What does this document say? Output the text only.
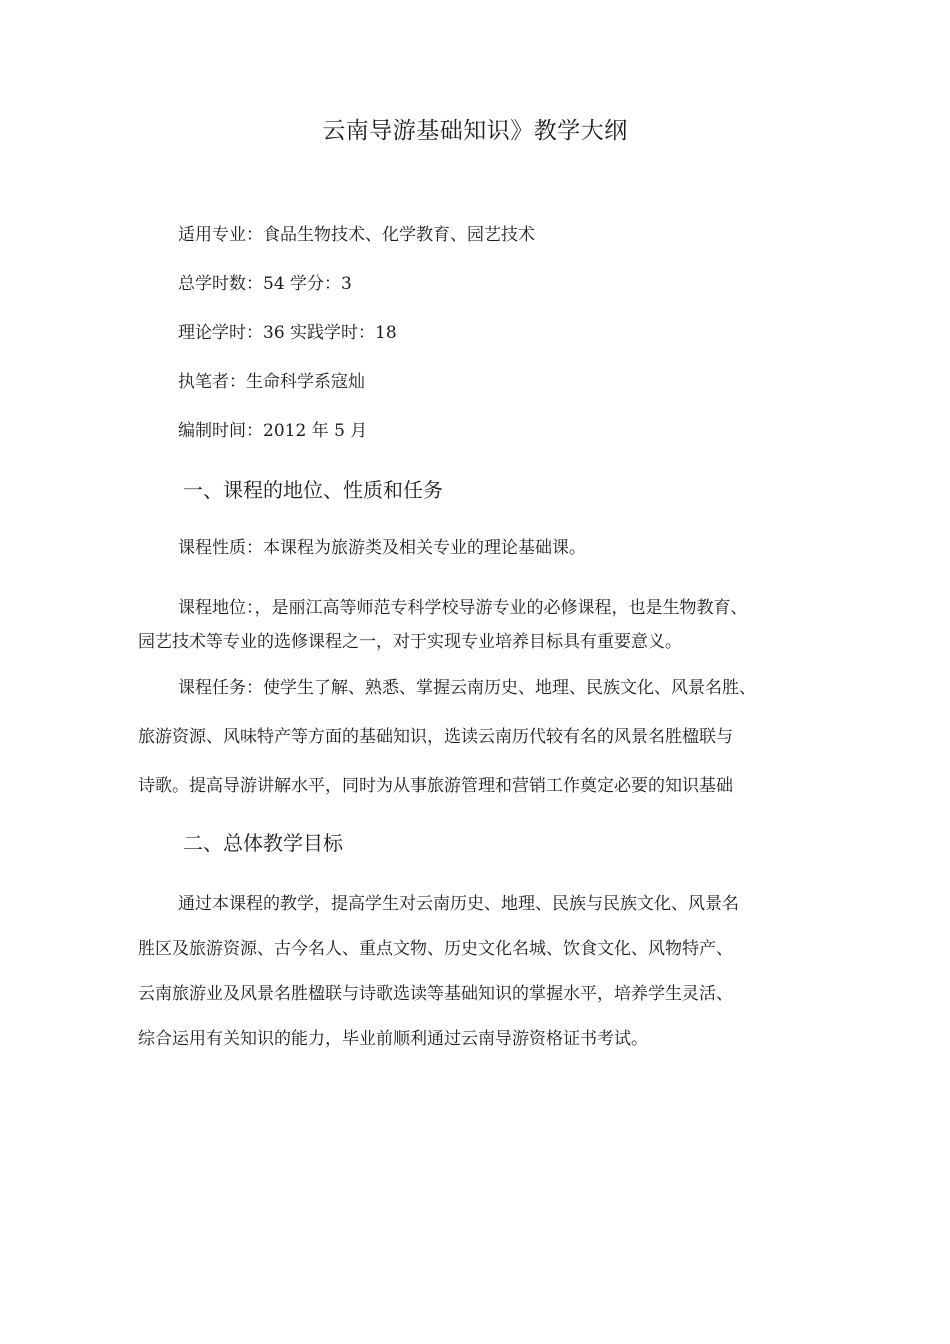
云南导游基础知识》教学大纲
适用专业：食品生物技术、化学教育、园艺技术
总学时数：54 学分：3
理论学时：36 实践学时：18
执笔者：生命科学系寇灿
编制时间：2012 年 5 月
一、课程的地位、性质和任务
课程性质：本课程为旅游类及相关专业的理论基础课。
课程地位：，是丽江高等师范专科学校导游专业的必修课程，也是生物教育、
园艺技术等专业的选修课程之一，对于实现专业培养目标具有重要意义。
课程任务：使学生了解、熟悉、掌握云南历史、地理、民族文化、风景名胜、
旅游资源、风味特产等方面的基础知识，选读云南历代较有名的风景名胜楹联与
诗歌。提高导游讲解水平，同时为从事旅游管理和营销工作奠定必要的知识基础
二、总体教学目标
通过本课程的教学，提高学生对云南历史、地理、民族与民族文化、风景名
胜区及旅游资源、古今名人、重点文物、历史文化名城、饮食文化、风物特产、
云南旅游业及风景名胜楹联与诗歌选读等基础知识的掌握水平，培养学生灵活、
综合运用有关知识的能力，毕业前顺利通过云南导游资格证书考试。
